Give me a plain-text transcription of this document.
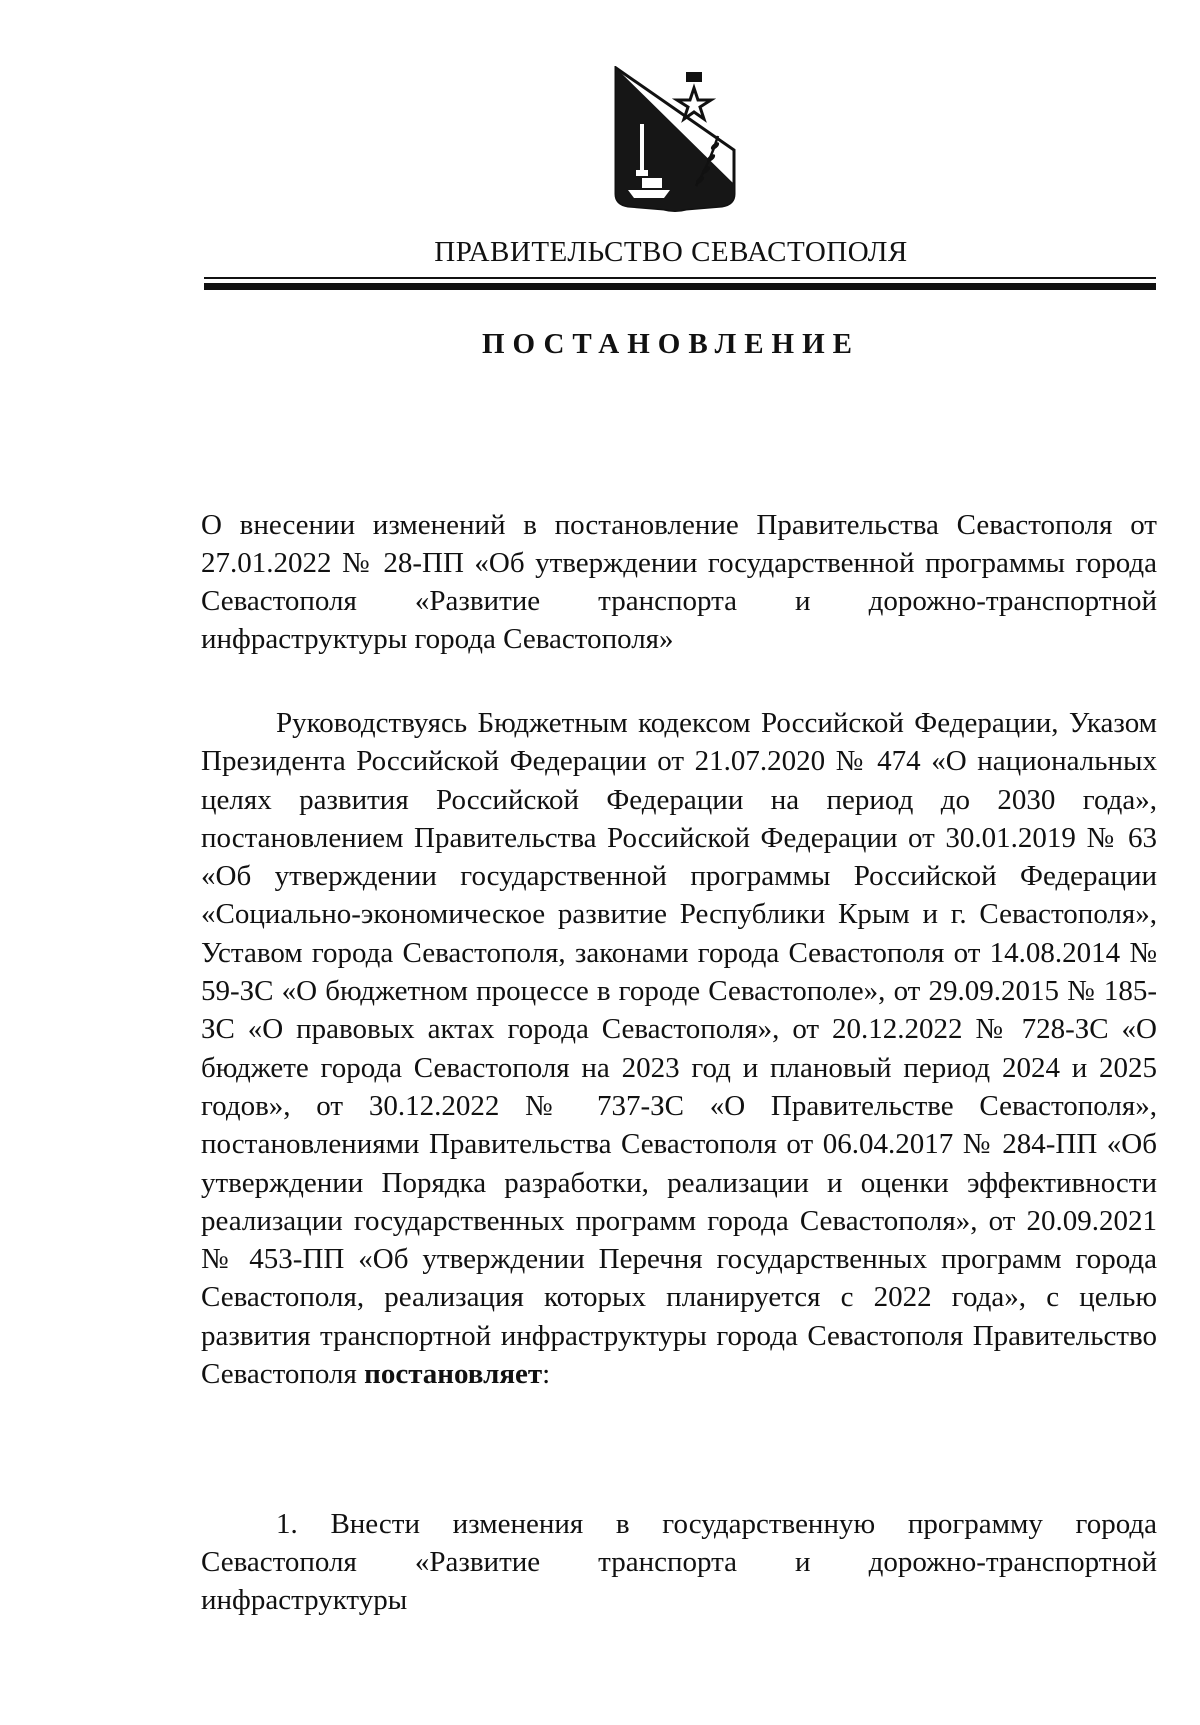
ПРАВИТЕЛЬСТВО СЕВАСТОПОЛЯ
ПОСТАНОВЛЕНИЕ
О внесении изменений в постановление Правительства Севастополя от 27.01.2022 № 28-ПП «Об утверждении государственной программы города Севастополя «Развитие транспорта и дорожно-транспортной инфраструктуры города Севастополя»
Руководствуясь Бюджетным кодексом Российской Федерации, Указом Президента Российской Федерации от 21.07.2020 № 474 «О национальных целях развития Российской Федерации на период до 2030 года», постановлением Правительства Российской Федерации от 30.01.2019 № 63 «Об утверждении государственной программы Российской Федерации «Социально-экономическое развитие Республики Крым и г. Севастополя», Уставом города Севастополя, законами города Севастополя от 14.08.2014 № 59-ЗС «О бюджетном процессе в городе Севастополе», от 29.09.2015 № 185-ЗС «О правовых актах города Севастополя», от 20.12.2022 № 728-ЗС «О бюджете города Севастополя на 2023 год и плановый период 2024 и 2025 годов», от 30.12.2022 № 737-ЗС «О Правительстве Севастополя», постановлениями Правительства Севастополя от 06.04.2017 № 284-ПП «Об утверждении Порядка разработки, реализации и оценки эффективности реализации государственных программ города Севастополя», от 20.09.2021 № 453-ПП «Об утверждении Перечня государственных программ города Севастополя, реализация которых планируется с 2022 года», с целью развития транспортной инфраструктуры города Севастополя Правительство Севастополя постановляет:
1. Внести изменения в государственную программу города Севастополя «Развитие транспорта и дорожно-транспортной инфраструктуры
